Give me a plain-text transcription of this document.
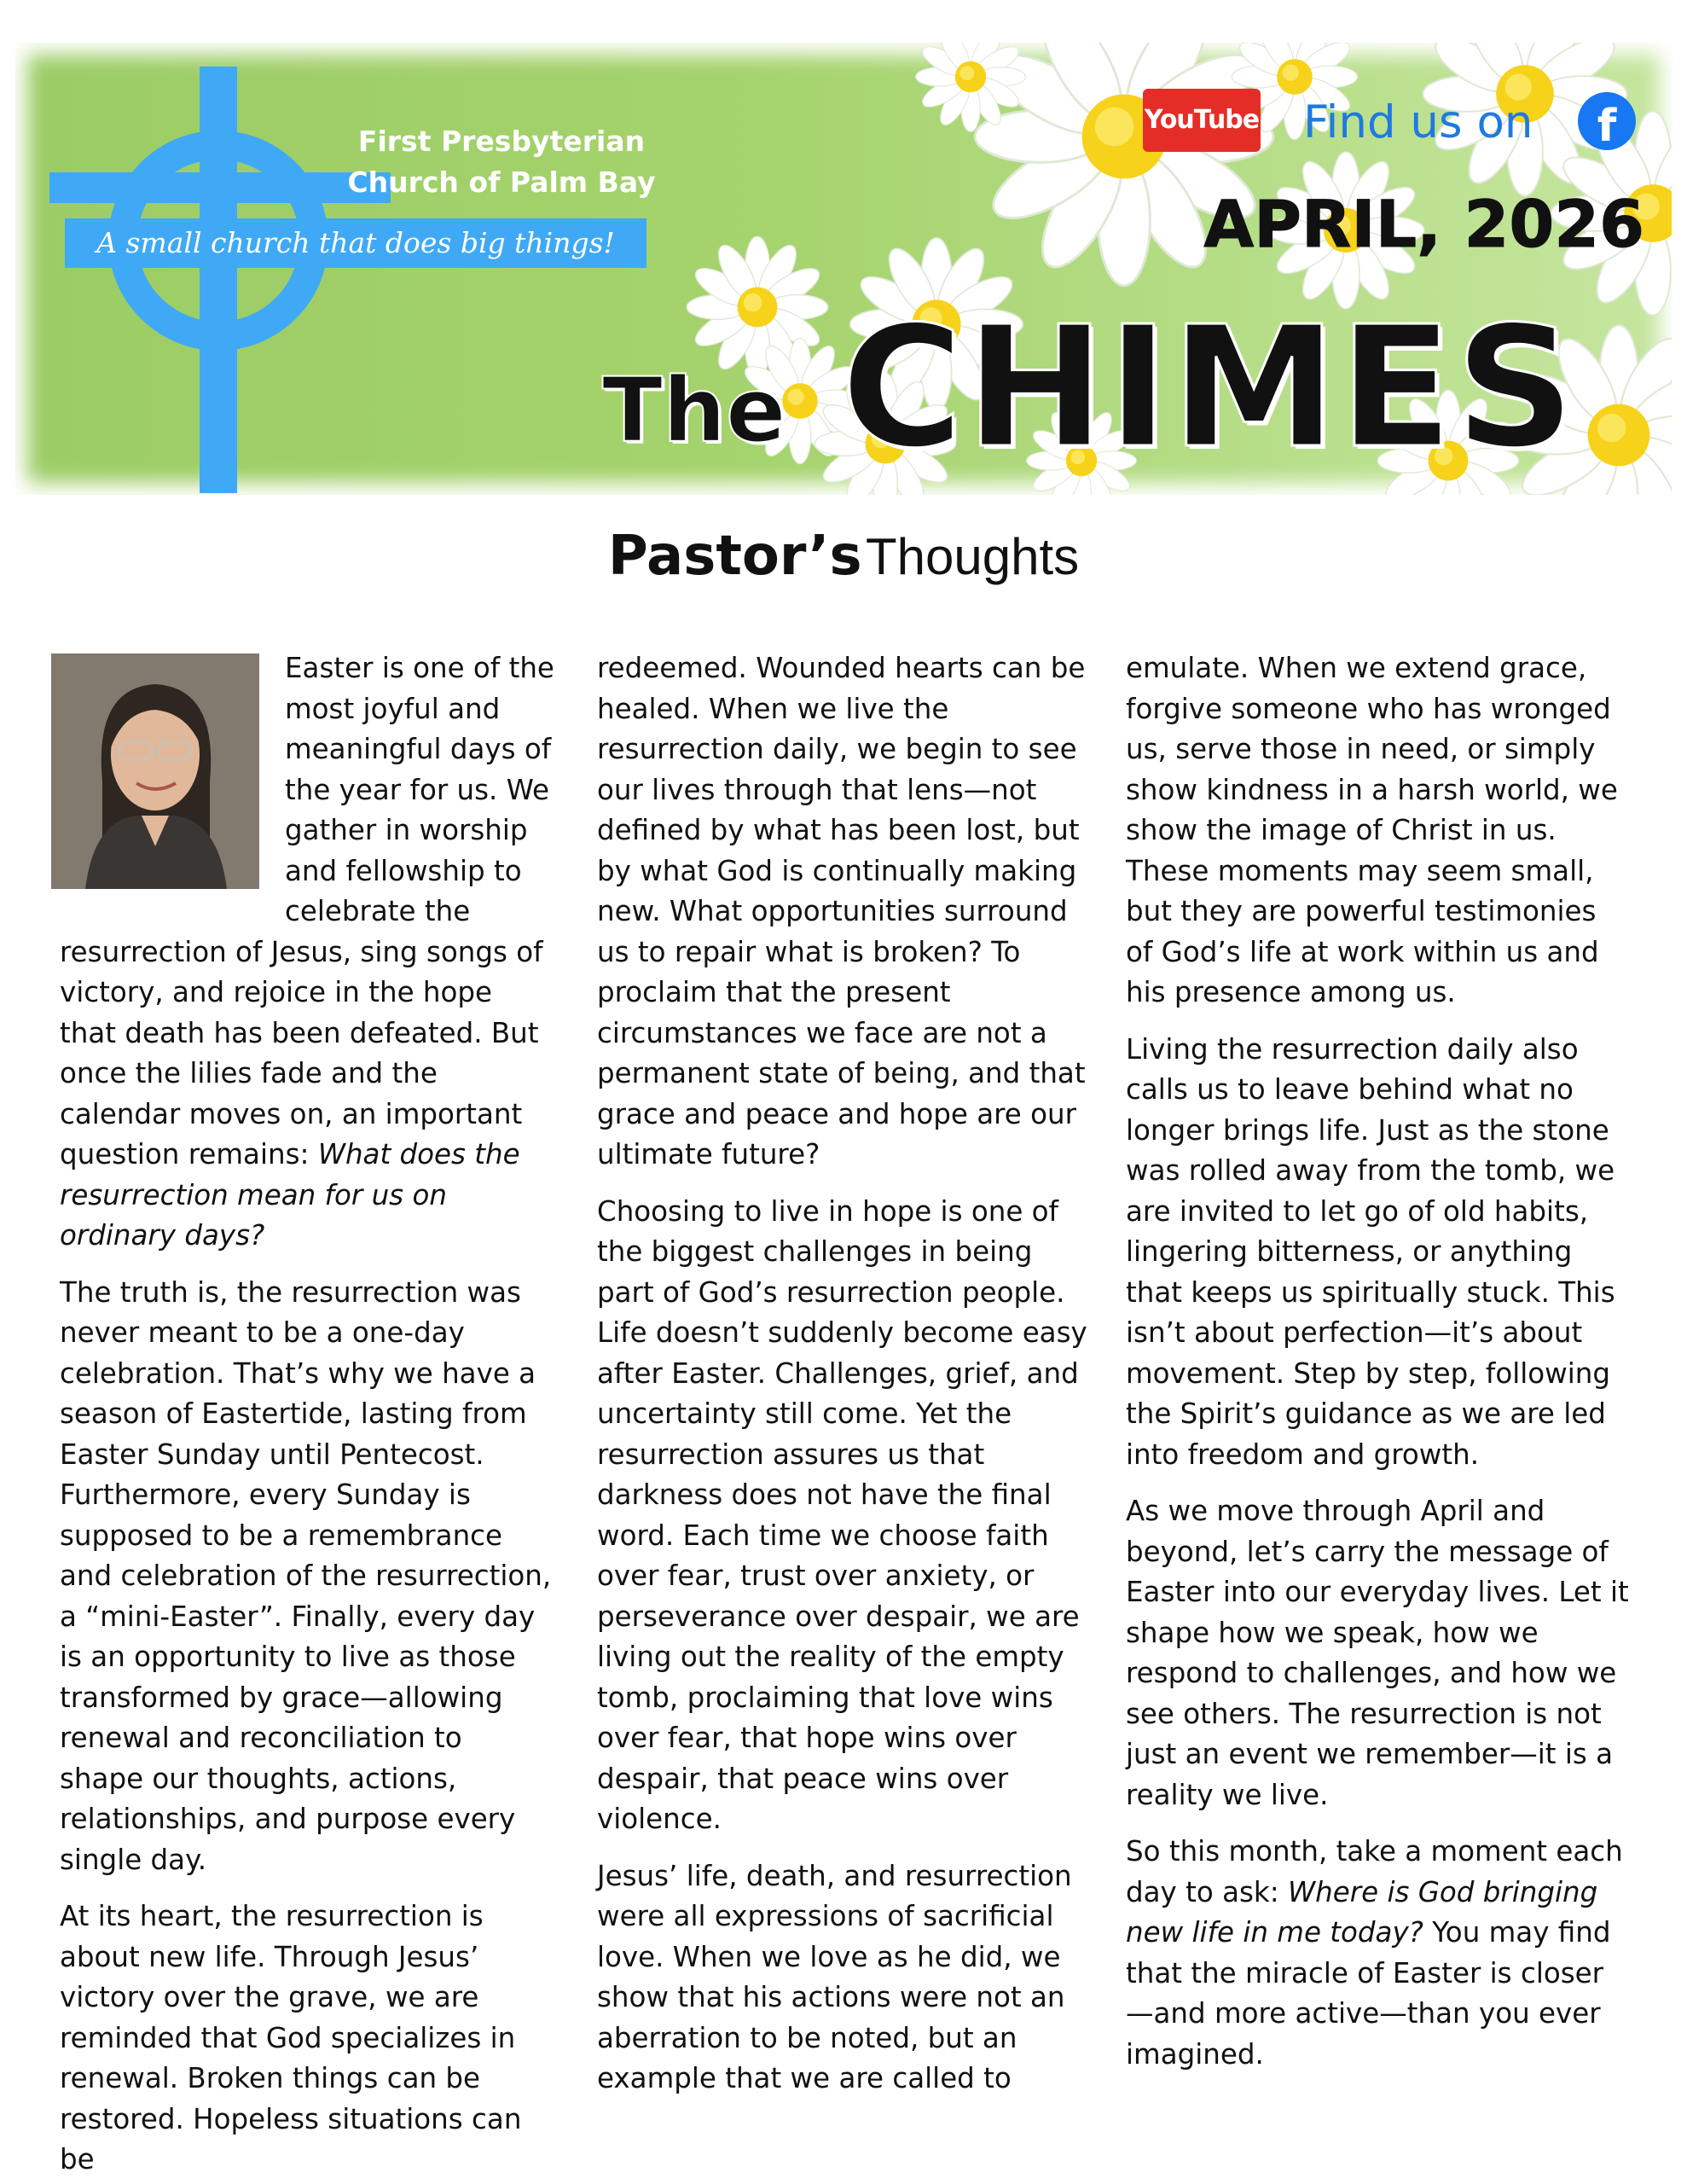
First Presbyterian
Church of Palm Bay
A small church that does big things!
YouTube Find us on	f
APRIL, 2026
The CHIMES
Pastor’s Thoughts

Easter is one of the most joyful and meaningful days of the year for us. We gather in worship and fellowship to celebrate the resurrection of Jesus, sing songs of victory, and rejoice in the hope that death has been defeated. But once the lilies fade and the calendar moves on, an important question remains: What does the resurrection mean for us on ordinary days?

The truth is, the resurrection was never meant to be a one-day celebration. That’s why we have a season of Eastertide, lasting from Easter Sunday until Pentecost. Furthermore, every Sunday is supposed to be a remembrance and celebration of the resurrection, a “mini-Easter”. Finally, every day is an opportunity to live as those transformed by grace—allowing renewal and reconciliation to shape our thoughts, actions, relationships, and purpose every single day.

At its heart, the resurrection is about new life. Through Jesus’ victory over the grave, we are reminded that God specializes in renewal. Broken things can be restored. Hopeless situations can be

redeemed. Wounded hearts can be healed. When we live the resurrection daily, we begin to see our lives through that lens—not defined by what has been lost, but by what God is continually making new. What opportunities surround us to repair what is broken? To proclaim that the present circumstances we face are not a permanent state of being, and that grace and peace and hope are our ultimate future?

Choosing to live in hope is one of the biggest challenges in being part of God’s resurrection people. Life doesn’t suddenly become easy after Easter. Challenges, grief, and uncertainty still come. Yet the resurrection assures us that darkness does not have the final word. Each time we choose faith over fear, trust over anxiety, or perseverance over despair, we are living out the reality of the empty tomb, proclaiming that love wins over fear, that hope wins over despair, that peace wins over violence.

Jesus’ life, death, and resurrection were all expressions of sacrificial love. When we love as he did, we show that his actions were not an aberration to be noted, but an example that we are called to

emulate. When we extend grace, forgive someone who has wronged us, serve those in need, or simply show kindness in a harsh world, we show the image of Christ in us. These moments may seem small, but they are powerful testimonies of God’s life at work within us and his presence among us.

Living the resurrection daily also calls us to leave behind what no longer brings life. Just as the stone was rolled away from the tomb, we are invited to let go of old habits, lingering bitterness, or anything that keeps us spiritually stuck. This isn’t about perfection—it’s about movement. Step by step, following the Spirit’s guidance as we are led into freedom and growth.

As we move through April and beyond, let’s carry the message of Easter into our everyday lives. Let it shape how we speak, how we respond to challenges, and how we see others. The resurrection is not just an event we remember—it is a reality we live.

So this month, take a moment each day to ask: Where is God bringing new life in me today? You may find that the miracle of Easter is closer—and more active—than you ever imagined.
